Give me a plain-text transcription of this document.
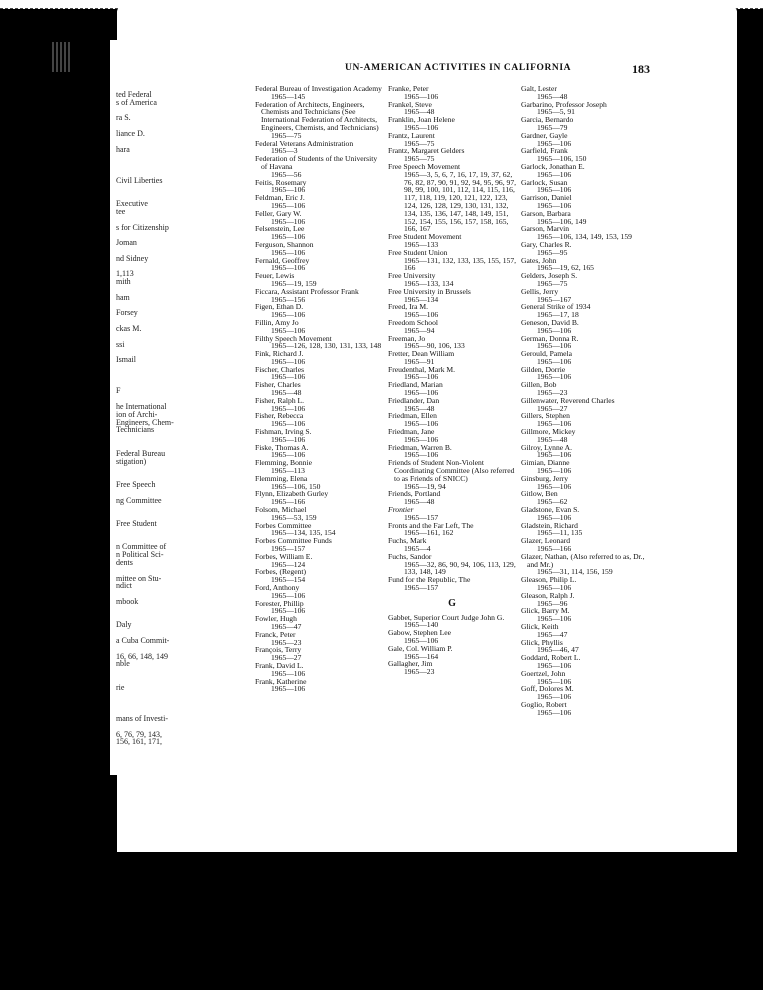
ted Federal
s of America
ra S.
liance D.
hara
Civil Liberties
Executive
tee
s for Citizenship
Joman
nd Sidney
1,113
mith
ham
Forsey
ckas M.
ssi
Ismail
F
he International
ion of Archi-
Engineers, Chem-
Technicians
Federal Bureau
stigation)
Free Speech
ng Committee
Free Student
n Committee of
n Political Sci-
dents
mittee on Stu-
ndict
mbook
Daly
a Cuba Commit-
16, 66, 148, 149
nble
rie
mans of Investi-
6, 76, 79, 143,
156, 161, 171,
UN-AMERICAN ACTIVITIES IN CALIFORNIA	183
Federal Bureau of Investigation Academy
1965—145
Federation of Architects, Engineers, Chemists and Technicians (See International Federation of Architects, Engineers, Chemists, and Technicians)
1965—75
Federal Veterans Administration
1965—3
Federation of Students of the University of Havana
1965—56
Feitis, Rosemary
1965—106
Feldman, Eric J.
1965—106
Feller, Gary W.
1965—106
Felsenstein, Lee
1965—106
Ferguson, Shannon
1965—106
Fernald, Geoffrey
1965—106
Feuer, Lewis
1965—19, 159
Ficcara, Assistant Professor Frank
1965—156
Figen, Ethan D.
1965—106
Fillin, Amy Jo
1965—106
Filthy Speech Movement
1965—126, 128, 130, 131, 133, 148
Fink, Richard J.
1965—106
Fischer, Charles
1965—106
Fisher, Charles
1965—48
Fisher, Ralph L.
1965—106
Fisher, Rebecca
1965—106
Fishman, Irving S.
1965—106
Fiske, Thomas A.
1965—106
Flemming, Bonnie
1965—113
Flemming, Elena
1965—106, 150
Flynn, Elizabeth Gurley
1965—166
Folsom, Michael
1965—53, 159
Forbes Committee
1965—134, 135, 154
Forbes Committee Funds
1965—157
Forbes, William E.
1965—124
Forbes, (Regent)
1965—154
Ford, Anthony
1965—106
Forester, Phillip
1965—106
Fowler, Hugh
1965—47
Franck, Peter
1965—23
François, Terry
1965—27
Frank, David L.
1965—106
Frank, Katherine
1965—106
Franke, Peter
1965—106
Frankel, Steve
1965—48
Franklin, Joan Helene
1965—106
Frantz, Laurent
1965—75
Frantz, Margaret Gelders
1965—75
Free Speech Movement
1965—3, 5, 6, 7, 16, 17, 19, 37, 62, 76, 82, 87, 90, 91, 92, 94, 95, 96, 97, 98, 99, 100, 101, 112, 114, 115, 116, 117, 118, 119, 120, 121, 122, 123, 124, 126, 128, 129, 130, 131, 132, 134, 135, 136, 147, 148, 149, 151, 152, 154, 155, 156, 157, 158, 165, 166, 167
Free Student Movement
1965—133
Free Student Union
1965—131, 132, 133, 135, 155, 157, 166
Free University
1965—133, 134
Free University in Brussels
1965—134
Freed, Ira M.
1965—106
Freedom School
1965—94
Freeman, Jo
1965—90, 106, 133
Fretter, Dean William
1965—91
Freudenthal, Mark M.
1965—106
Friedland, Marian
1965—106
Friedlander, Dan
1965—48
Friedman, Ellen
1965—106
Friedman, Jane
1965—106
Friedman, Warren B.
1965—106
Friends of Student Non-Violent Coordinating Committee (Also referred to as Friends of SNICC)
1965—19, 94
Friends, Portland
1965—48
Frontier
1965—157
Fronts and the Far Left, The
1965—161, 162
Fuchs, Mark
1965—4
Fuchs, Sandor
1965—32, 86, 90, 94, 106, 113, 129, 133, 148, 149
Fund for the Republic, The
1965—157
G
Gabbet, Superior Court Judge John G.
1965—140
Gabow, Stephen Lee
1965—106
Gale, Col. William P.
1965—164
Gallagher, Jim
1965—23
Galt, Lester
1965—48
Garbarino, Professor Joseph
1965—5, 91
Garcia, Bernardo
1965—79
Gardner, Gayle
1965—106
Garfield, Frank
1965—106, 150
Garlock, Jonathan E.
1965—106
Garlock, Susan
1965—106
Garrison, Daniel
1965—106
Garson, Barbara
1965—106, 149
Garson, Marvin
1965—106, 134, 149, 153, 159
Gary, Charles R.
1965—95
Gates, John
1965—19, 62, 165
Gelders, Joseph S.
1965—75
Gellis, Jerry
1965—167
General Strike of 1934
1965—17, 18
Geneson, David B.
1965—106
German, Donna R.
1965—106
Gerould, Pamela
1965—106
Gilden, Dorrie
1965—106
Gillen, Bob
1965—23
Gillenwater, Reverend Charles
1965—27
Gillers, Stephen
1965—106
Gillmore, Mickey
1965—48
Gilroy, Lynne A.
1965—106
Gimian, Dianne
1965—106
Ginsburg, Jerry
1965—106
Gitlow, Ben
1965—62
Gladstone, Evan S.
1965—106
Gladstein, Richard
1965—11, 135
Glazer, Leonard
1965—166
Glazer, Nathan, (Also referred to as, Dr., and Mr.)
1965—31, 114, 156, 159
Gleason, Philip L.
1965—106
Gleason, Ralph J.
1965—96
Glick, Barry M.
1965—106
Glick, Keith
1965—47
Glick, Phyllis
1965—46, 47
Goddard, Robert L.
1965—106
Goertzel, John
1965—106
Goff, Dolores M.
1965—106
Goglio, Robert
1965—106
